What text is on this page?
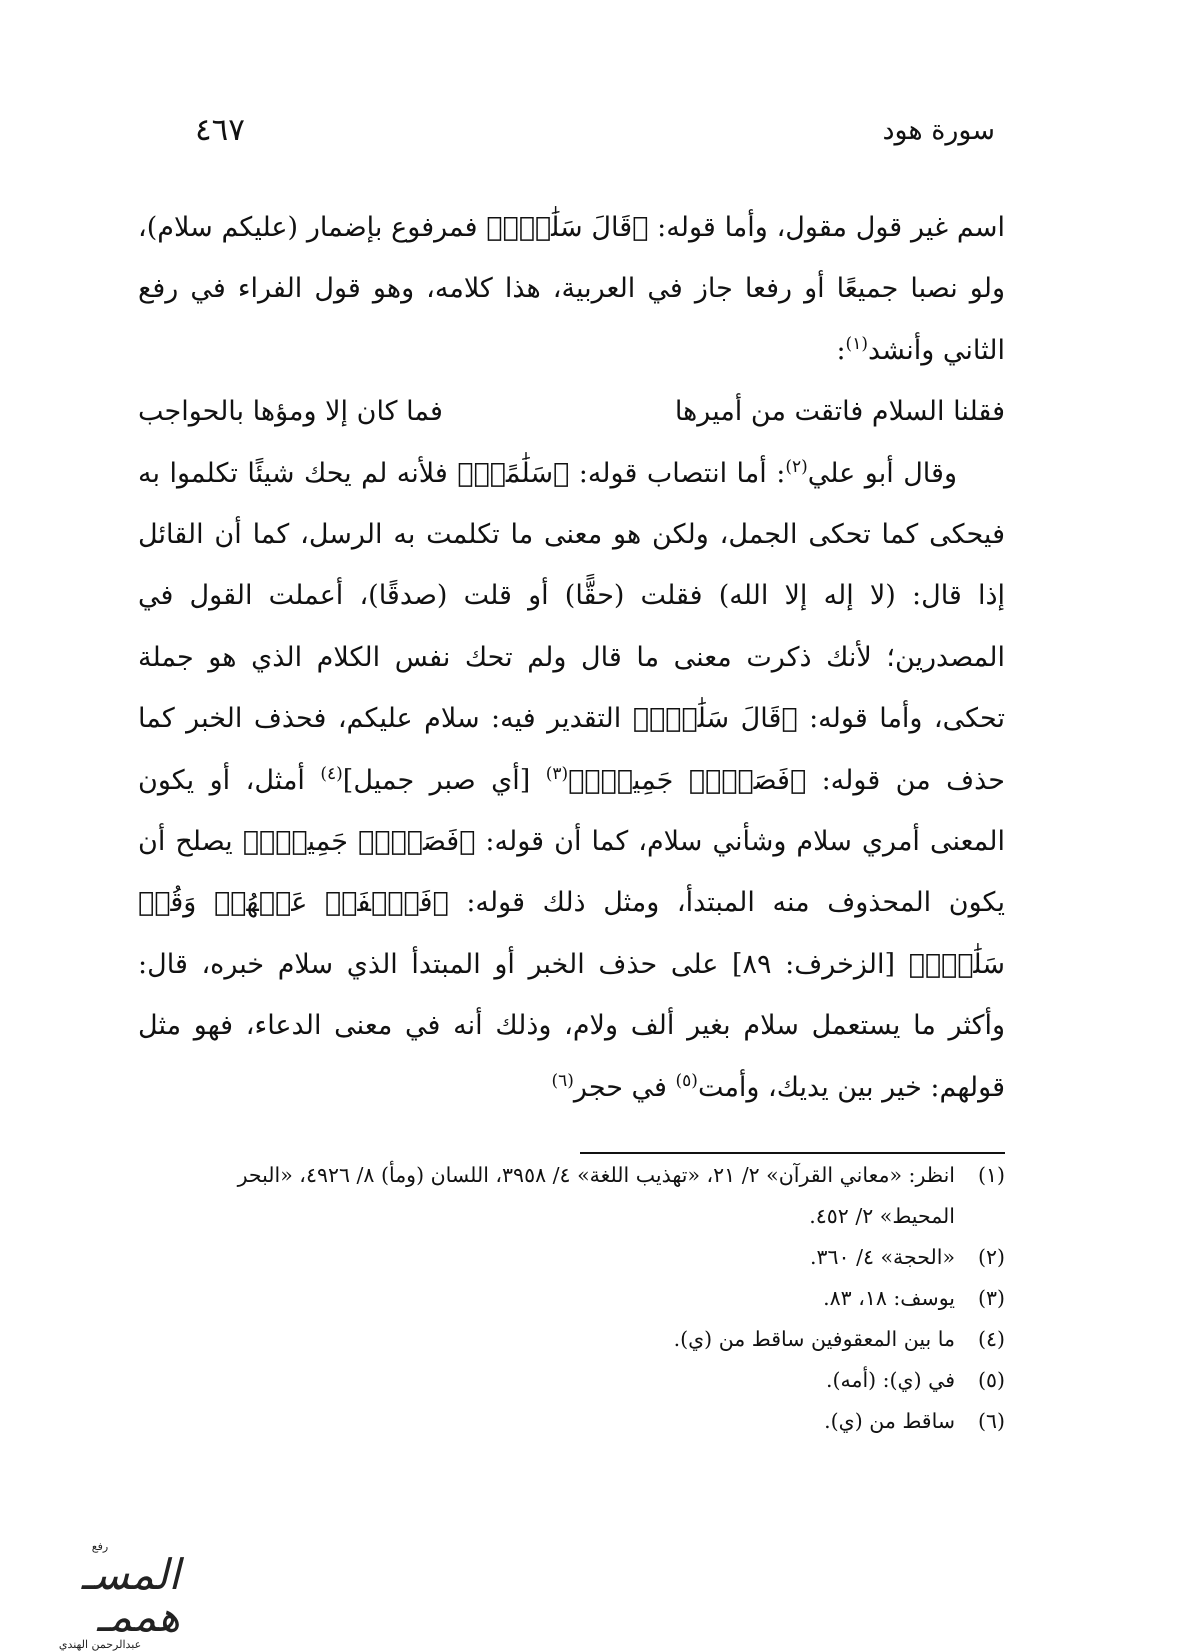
سورة هود
٤٦٧

اسم غير قول مقول، وأما قوله: ﴿قَالَ سَلَٰمٌۖ﴾ فمرفوع بإضمار (عليكم سلام)، ولو نصبا جميعًا أو رفعا جاز في العربية، هذا كلامه، وهو قول الفراء في رفع الثاني وأنشد$^{(١)}$:

فقلنا السلام فاتقت من أميرها
فما كان إلا ومؤها بالحواجب

وقال أبو علي$^{(٢)}$: أما انتصاب قوله: ﴿سَلَٰمًاۖ﴾ فلأنه لم يحك شيئًا تكلموا به فيحكى كما تحكى الجمل، ولكن هو معنى ما تكلمت به الرسل، كما أن القائل إذا قال: (لا إله إلا الله) فقلت (حقًّا) أو قلت (صدقًا)، أعملت القول في المصدرين؛ لأنك ذكرت معنى ما قال ولم تحك نفس الكلام الذي هو جملة تحكى، وأما قوله: ﴿قَالَ سَلَٰمٌۖ﴾ التقدير فيه: سلام عليكم، فحذف الخبر كما حذف من قوله: ﴿فَصَبۡرٞ جَمِيلٞۖ﴾$^{(٣)}$ [أي صبر جميل]$^{(٤)}$ أمثل، أو يكون المعنى أمري سلام وشأني سلام، كما أن قوله: ﴿فَصَبۡرٞ جَمِيلٞۖ﴾ يصلح أن يكون المحذوف منه المبتدأ، ومثل ذلك قوله: ﴿فَٱصۡفَحۡ عَنۡهُمۡ وَقُلۡ سَلَٰمٞۚ﴾ [الزخرف: ٨٩] على حذف الخبر أو المبتدأ الذي سلام خبره، قال: وأكثر ما يستعمل سلام بغير ألف ولام، وذلك أنه في معنى الدعاء، فهو مثل قولهم: خير بين يديك، وأمت$^{(٥)}$ في حجر$^{(٦)}$

(١)
انظر: «معاني القرآن» ٢/ ٢١، «تهذيب اللغة» ٤/ ٣٩٥٨، اللسان (ومأ) ٨/ ٤٩٢٦، «البحر المحيط» ٢/ ٤٥٢.
(٢)
«الحجة» ٤/ ٣٦٠.
(٣)
يوسف: ١٨، ٨٣.
(٤)
ما بين المعقوفين ساقط من (ي).
(٥)
في (ي): (أمه).
(٦)
ساقط من (ي).
رفع
المسـ هممـ
عبدالرحمن الهندي
